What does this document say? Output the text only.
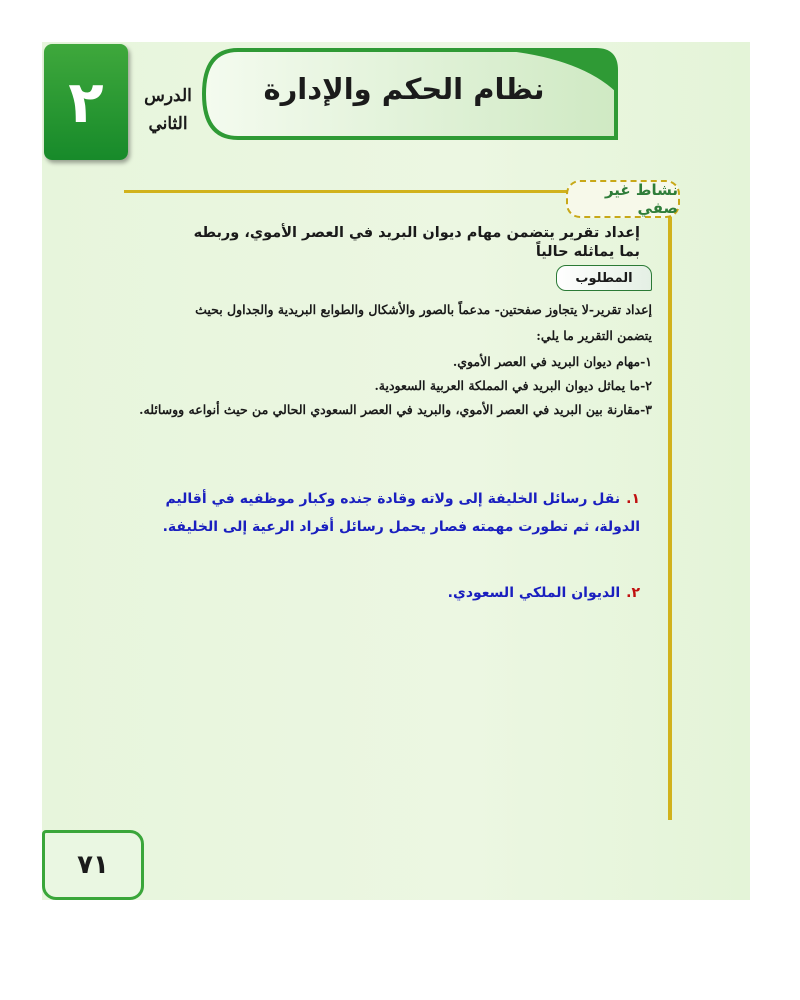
٢	الدرس
الثاني
نظام الحكم والإدارة
نشاط غير صفي
إعداد تقرير يتضمن مهام ديوان البريد في العصر الأموي، وربطه بما يماثله حالياً
المطلوب
إعداد تقرير-لا يتجاوز صفحتين- مدعماً بالصور والأشكال والطوابع البريدية والجداول بحيث
يتضمن التقرير ما يلي:
١-مهام ديوان البريد في العصر الأموي.
٢-ما يماثل ديوان البريد في المملكة العربية السعودية.
٣-مقارنة بين البريد في العصر الأموي، والبريد في العصر السعودي الحالي من حيث أنواعه ووسائله.
١.نقل رسائل الخليفة إلى ولاته وقادة جنده وكبار موظفيه في أقاليم الدولة، ثم تطورت مهمته فصار يحمل رسائل أفراد الرعية إلى الخليفة.
٢.الديوان الملكي السعودي.
٧١
